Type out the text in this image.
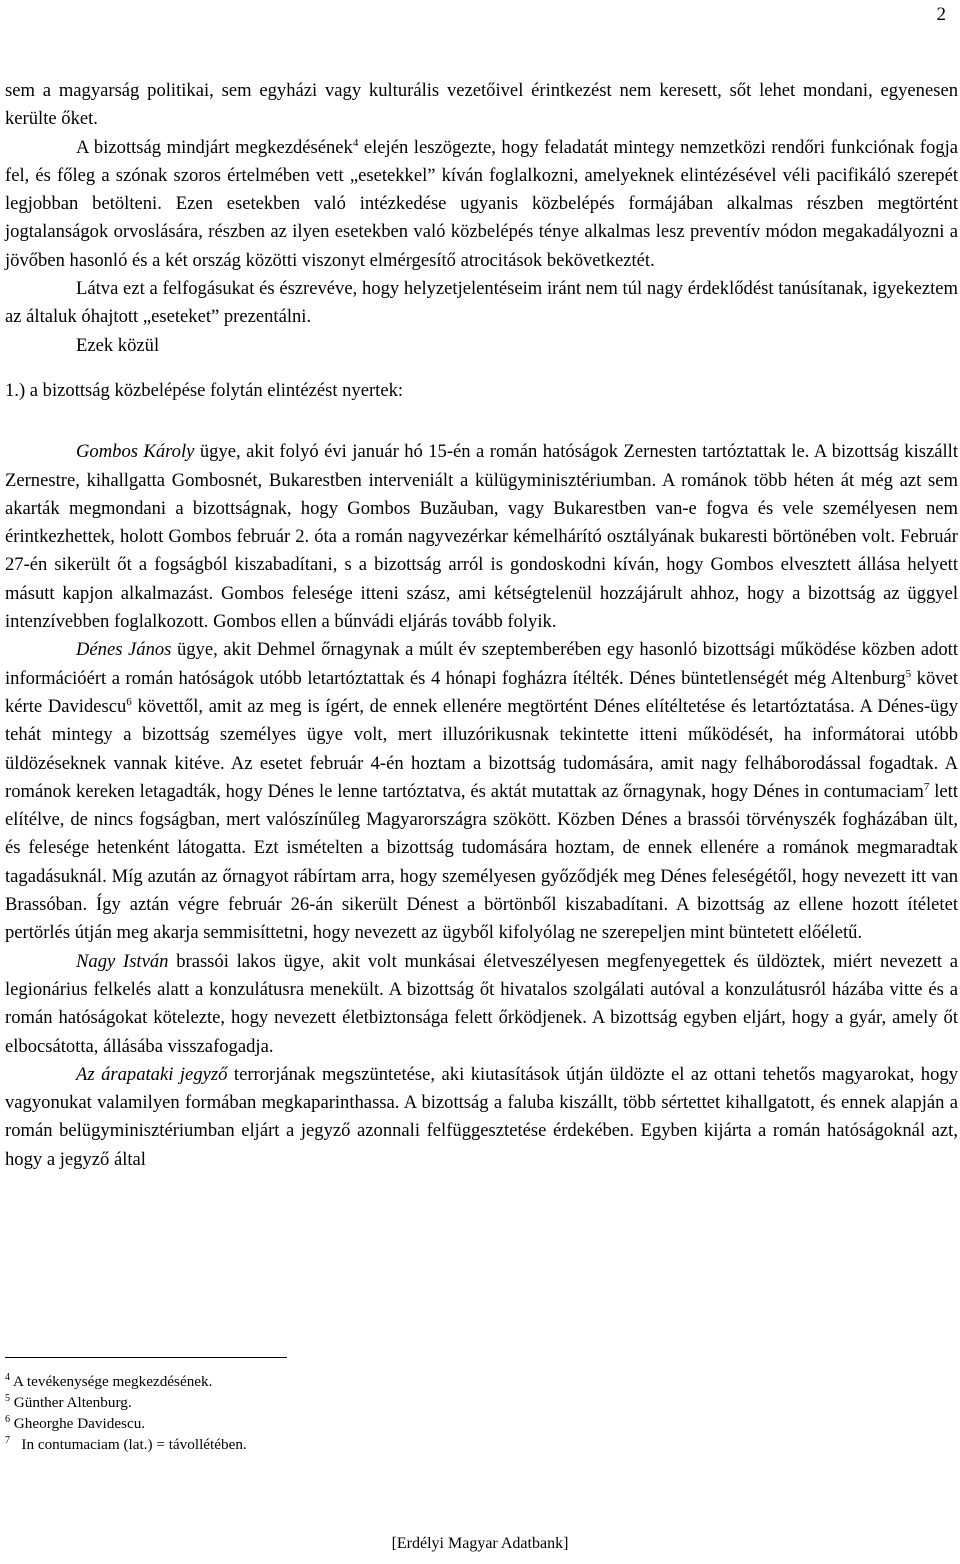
2

sem a magyarság politikai, sem egyházi vagy kulturális vezetőivel érintkezést nem keresett, sőt lehet mondani, egyenesen kerülte őket.

A bizottság mindjárt megkezdésének$^4$ elején leszögezte, hogy feladatát mintegy nemzetközi rendőri funkciónak fogja fel, és főleg a szónak szoros értelmében vett „esetekkel” kíván foglalkozni, amelyeknek elintézésével véli pacifikáló szerepét legjobban betölteni. Ezen esetekben való intézkedése ugyanis közbelépés formájában alkalmas részben megtörtént jogtalanságok orvoslására, részben az ilyen esetekben való közbelépés ténye alkalmas lesz preventív módon megakadályozni a jövőben hasonló és a két ország közötti viszonyt elmérgesítő atrocitások bekövetkeztét.

Látva ezt a felfogásukat és észrevéve, hogy helyzetjelentéseim iránt nem túl nagy érdeklődést tanúsítanak, igyekeztem az általuk óhajtott „eseteket” prezentálni.

Ezek közül

1.) a bizottság közbelépése folytán elintézést nyertek:

Gombos Károly ügye, akit folyó évi január hó 15-én a román hatóságok Zernesten tartóztattak le. A bizottság kiszállt Zernestre, kihallgatta Gombosnét, Bukarestben interveniált a külügyminisztériumban. A románok több héten át még azt sem akarták megmondani a bizottságnak, hogy Gombos Buzăuban, vagy Bukarestben van-e fogva és vele személyesen nem érintkezhettek, holott Gombos február 2. óta a román nagyvezérkar kémelhárító osztályának bukaresti börtönében volt. Február 27-én sikerült őt a fogságból kiszabadítani, s a bizottság arról is gondoskodni kíván, hogy Gombos elvesztett állása helyett másutt kapjon alkalmazást. Gombos felesége itteni szász, ami kétségtelenül hozzájárult ahhoz, hogy a bizottság az üggyel intenzívebben foglalkozott. Gombos ellen a bűnvádi eljárás tovább folyik.

Dénes János ügye, akit Dehmel őrnagynak a múlt év szeptemberében egy hasonló bizottsági működése közben adott információért a román hatóságok utóbb letartóztattak és 4 hónapi fogházra ítélték. Dénes büntetlenségét még Altenburg$^5$ követ kérte Davidescu$^6$ követtől, amit az meg is ígért, de ennek ellenére megtörtént Dénes elítéltetése és letartóztatása. A Dénes-ügy tehát mintegy a bizottság személyes ügye volt, mert illuzórikusnak tekintette itteni működését, ha informátorai utóbb üldözéseknek vannak kitéve. Az esetet február 4-én hoztam a bizottság tudomására, amit nagy felháborodással fogadtak. A románok kereken letagadták, hogy Dénes le lenne tartóztatva, és aktát mutattak az őrnagynak, hogy Dénes in contumaciam$^7$ lett elítélve, de nincs fogságban, mert valószínűleg Magyarországra szökött. Közben Dénes a brassói törvényszék fogházában ült, és felesége hetenként látogatta. Ezt ismételten a bizottság tudomására hoztam, de ennek ellenére a románok megmaradtak tagadásuknál. Míg azután az őrnagyot rábírtam arra, hogy személyesen győződjék meg Dénes feleségétől, hogy nevezett itt van Brassóban. Így aztán végre február 26-án sikerült Dénest a börtönből kiszabadítani. A bizottság az ellene hozott ítéletet pertörlés útján meg akarja semmisíttetni, hogy nevezett az ügyből kifolyólag ne szerepeljen mint büntetett előéletű.

Nagy István brassói lakos ügye, akit volt munkásai életveszélyesen megfenyegettek és üldöztek, miért nevezett a legionárius felkelés alatt a konzulátusra menekült. A bizottság őt hivatalos szolgálati autóval a konzulátusról házába vitte és a román hatóságokat kötelezte, hogy nevezett életbiztonsága felett őrködjenek. A bizottság egyben eljárt, hogy a gyár, amely őt elbocsátotta, állásába visszafogadja.

Az árapataki jegyző terrorjának megszüntetése, aki kiutasítások útján üldözte el az ottani tehetős magyarokat, hogy vagyonukat valamilyen formában megkaparinthassa. A bizottság a faluba kiszállt, több sértettet kihallgatott, és ennek alapján a román belügyminisztériumban eljárt a jegyző azonnali felfüggesztetése érdekében. Egyben kijárta a román hatóságoknál azt, hogy a jegyző által

$^4$ A tevékenysége megkezdésének.
$^5$ Günther Altenburg.
$^6$ Gheorghe Davidescu.
$^7$   In contumaciam (lat.) = távollétében.
[Erdélyi Magyar Adatbank]
